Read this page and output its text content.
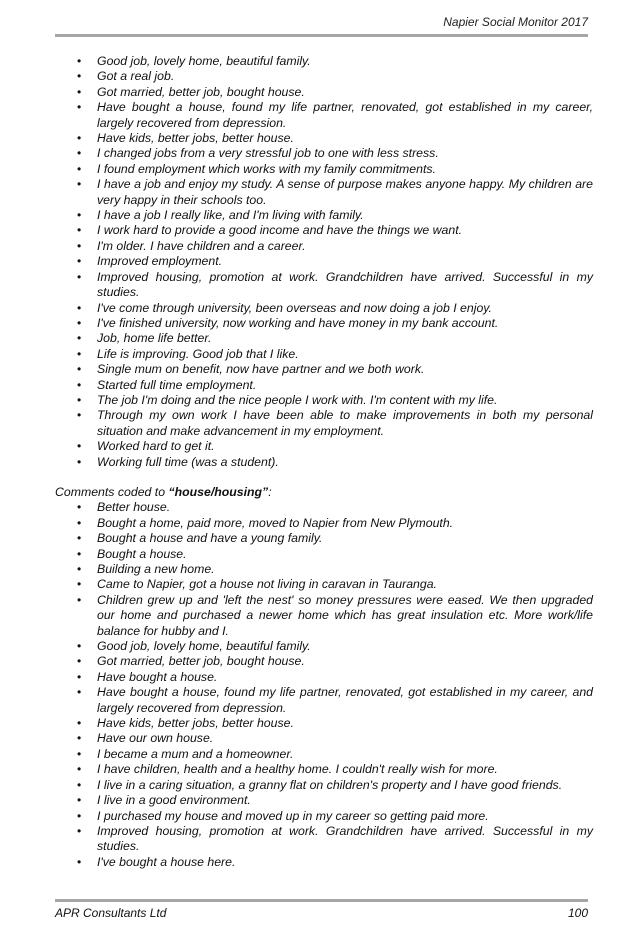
Napier Social Monitor 2017
• Good job, lovely home, beautiful family.
• Got a real job.
• Got married, better job, bought house.
• Have bought a house, found my life partner, renovated, got established in my career, largely recovered from depression.
• Have kids, better jobs, better house.
• I changed jobs from a very stressful job to one with less stress.
• I found employment which works with my family commitments.
• I have a job and enjoy my study. A sense of purpose makes anyone happy. My children are very happy in their schools too.
• I have a job I really like, and I'm living with family.
• I work hard to provide a good income and have the things we want.
• I'm older. I have children and a career.
• Improved employment.
• Improved housing, promotion at work. Grandchildren have arrived. Successful in my studies.
• I've come through university, been overseas and now doing a job I enjoy.
• I've finished university, now working and have money in my bank account.
• Job, home life better.
• Life is improving. Good job that I like.
• Single mum on benefit, now have partner and we both work.
• Started full time employment.
• The job I'm doing and the nice people I work with. I'm content with my life.
• Through my own work I have been able to make improvements in both my personal situation and make advancement in my employment.
• Worked hard to get it.
• Working full time (was a student).
Comments coded to “house/housing”:
• Better house.
• Bought a home, paid more, moved to Napier from New Plymouth.
• Bought a house and have a young family.
• Bought a house.
• Building a new home.
• Came to Napier, got a house not living in caravan in Tauranga.
• Children grew up and 'left the nest' so money pressures were eased. We then upgraded our home and purchased a newer home which has great insulation etc. More work/life balance for hubby and I.
• Good job, lovely home, beautiful family.
• Got married, better job, bought house.
• Have bought a house.
• Have bought a house, found my life partner, renovated, got established in my career, and largely recovered from depression.
• Have kids, better jobs, better house.
• Have our own house.
• I became a mum and a homeowner.
• I have children, health and a healthy home. I couldn't really wish for more.
• I live in a caring situation, a granny flat on children's property and I have good friends.
• I live in a good environment.
• I purchased my house and moved up in my career so getting paid more.
• Improved housing, promotion at work. Grandchildren have arrived. Successful in my studies.
• I've bought a house here.
APR Consultants Ltd	100
